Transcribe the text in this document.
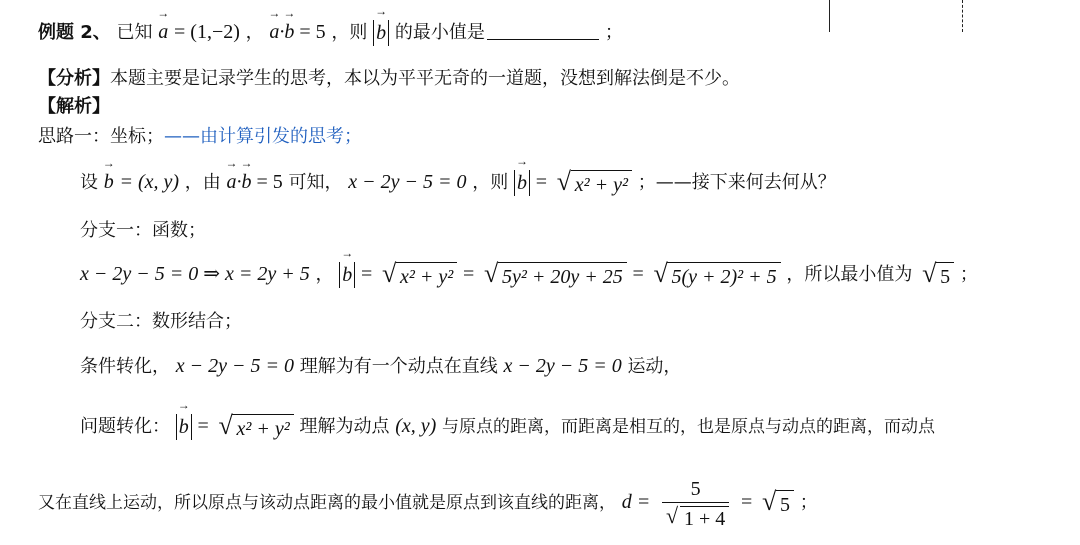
例题 2、 已知 → a = (1,−2) ， → a·→ b = 5 ，则 → b 的最小值是	；
【分析】本题主要是记录学生的思考，本以为平平无奇的一道题，没想到解法倒是不少。
【解析】
思路一：坐标；——由计算引发的思考；
设 → b = (x, y) ，由 → a·→ b = 5 可知， x − 2y − 5 = 0 ，则 → b = √ x² + y² ；——接下来何去何从？
分支一：函数；
x − 2y − 5 = 0 ⇒ x = 2y + 5 ， → b = √ x² + y² = √ 5y² + 20y + 25 = √ 5(y + 2)² + 5 ，所以最小值为 √ 5 ；
分支二：数形结合；
条件转化， x − 2y − 5 = 0 理解为有一个动点在直线 x − 2y − 5 = 0 运动，
问题转化： → b = √ x² + y² 理解为动点 (x, y) 与原点的距离，而距离是相互的，也是原点与动点的距离，而动点
又在直线上运动，所以原点与该动点距离的最小值就是原点到该直线的距离， $d = \frac{5}{√ 1 + 4}$ = √ 5 ；
